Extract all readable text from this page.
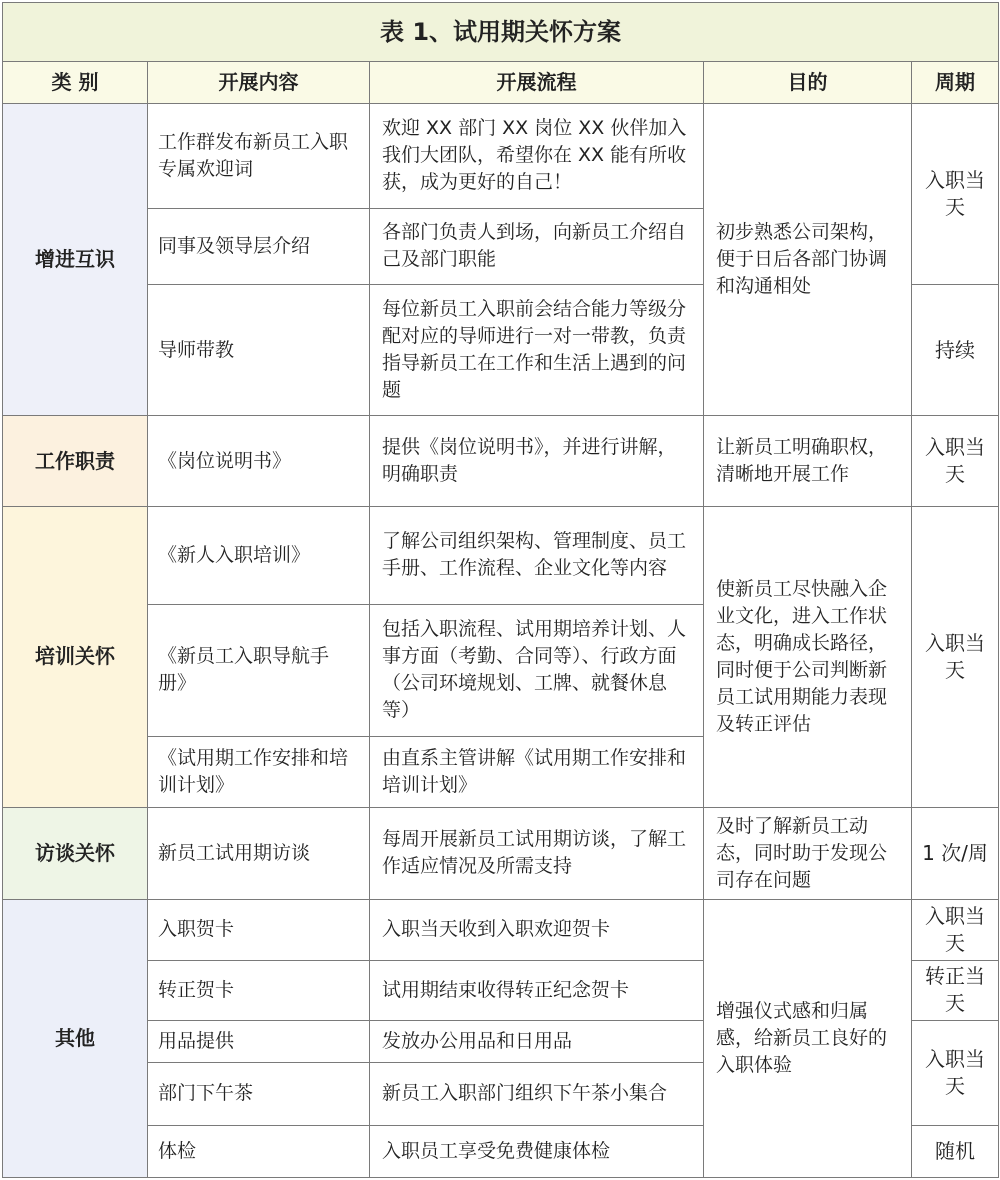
表 1、试用期关怀方案				
类 别	开展内容	开展流程	目的	周期
增进互识	工作群发布新员工入职专属欢迎词	欢迎 XX 部门 XX 岗位 XX 伙伴加入我们大团队，希望你在 XX 能有所收获，成为更好的自己！	初步熟悉公司架构，便于日后各部门协调和沟通相处	入职当天
	同事及领导层介绍	各部门负责人到场，向新员工介绍自己及部门职能		
	导师带教	每位新员工入职前会结合能力等级分配对应的导师进行一对一带教，负责指导新员工在工作和生活上遇到的问题		持续
工作职责	《岗位说明书》	提供《岗位说明书》，并进行讲解，明确职责	让新员工明确职权，清晰地开展工作	入职当天
培训关怀	《新人入职培训》	了解公司组织架构、管理制度、员工手册、工作流程、企业文化等内容	使新员工尽快融入企业文化，进入工作状态，明确成长路径，同时便于公司判断新员工试用期能力表现及转正评估	入职当天
	《新员工入职导航手册》	包括入职流程、试用期培养计划、人事方面（考勤、合同等）、行政方面（公司环境规划、工牌、就餐休息等）		
	《试用期工作安排和培训计划》	由直系主管讲解《试用期工作安排和培训计划》		
访谈关怀	新员工试用期访谈	每周开展新员工试用期访谈，了解工作适应情况及所需支持	及时了解新员工动态，同时助于发现公司存在问题	1 次/周
其他	入职贺卡	入职当天收到入职欢迎贺卡	增强仪式感和归属感，给新员工良好的入职体验	入职当天
	转正贺卡	试用期结束收得转正纪念贺卡		转正当天
	用品提供	发放办公用品和日用品		入职当天
	部门下午茶	新员工入职部门组织下午茶小集合		
	体检	入职员工享受免费健康体检		随机
